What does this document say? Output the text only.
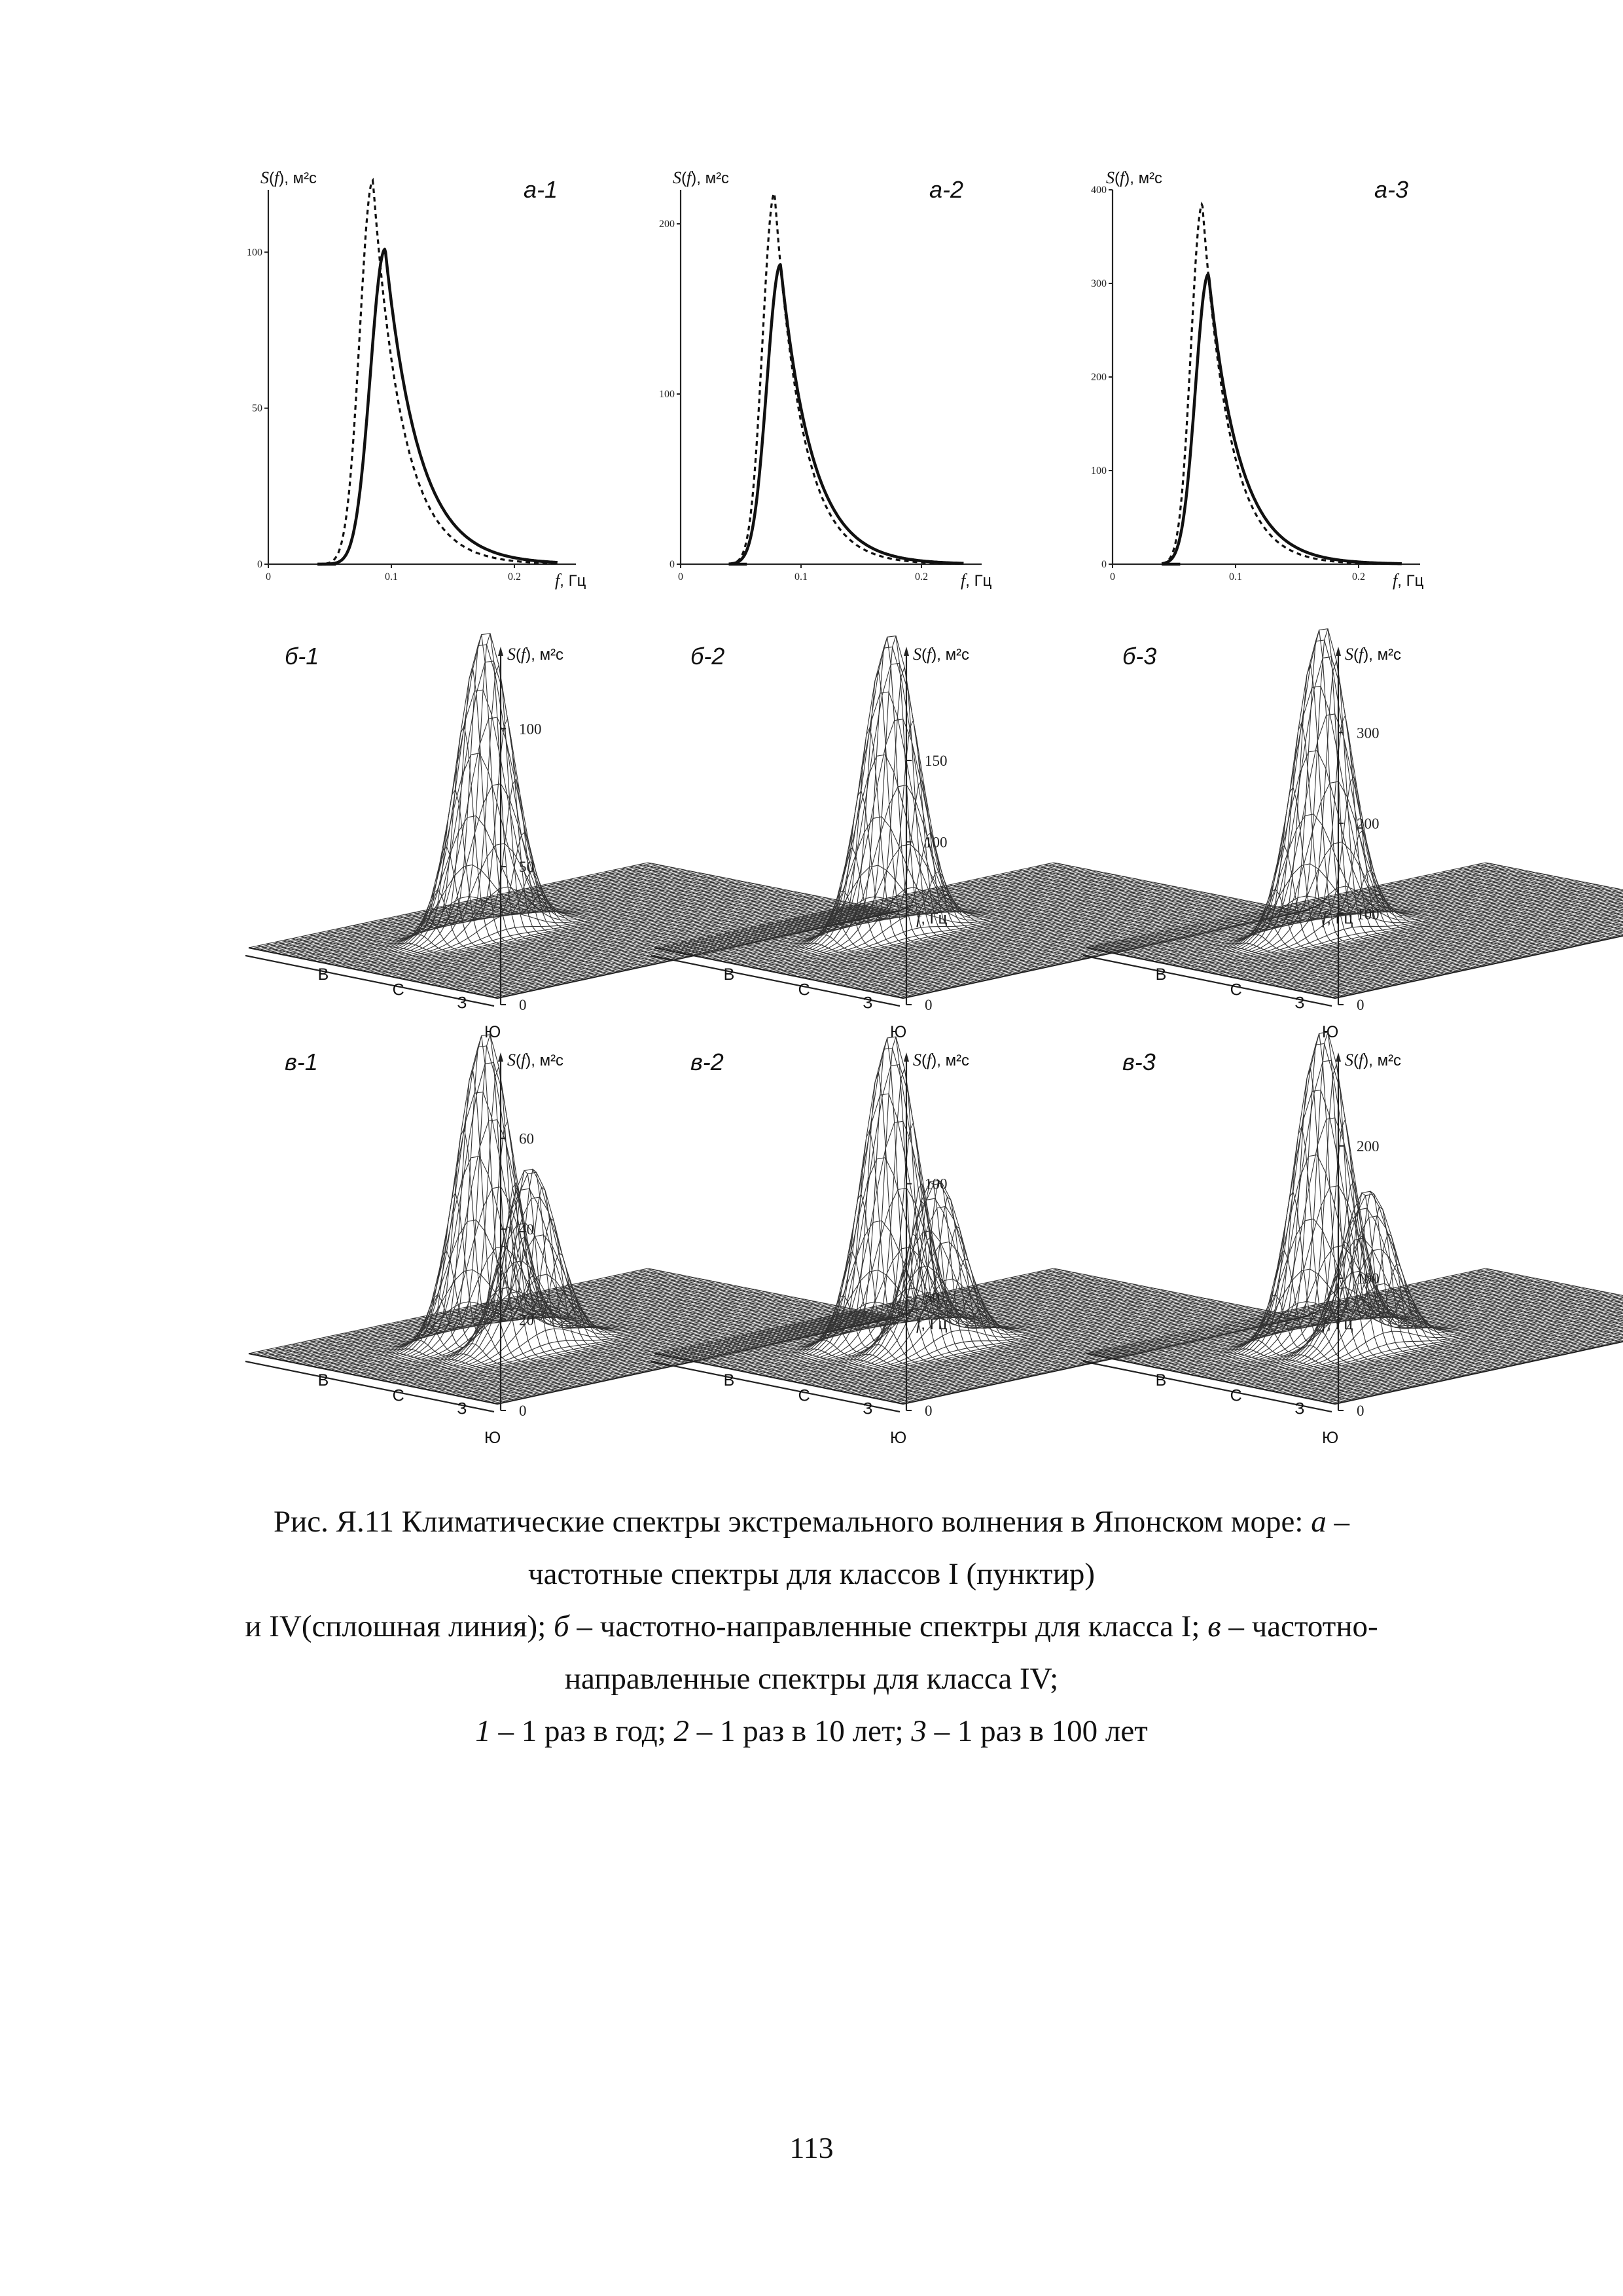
0
50
100
0	0.1	0.2
S(f), м²с
f, Гц
а-1
0
100
200
0	0.1	0.2
S(f), м²с
f, Гц
а-2
0
100
200
300
400
0	0.1	0.2
S(f), м²с
f, Гц
а-3
В
С
З
Ю
0
50
100
S(f), м²с
f, Гц
б-1
В
С
З
Ю
0
100
150
S(f), м²с
f, Гц
б-2
В
С
З
Ю
0
100
200
300
S(f), м²с
б-3
В
С
З
Ю
0
20
40
60
S(f), м²с
f, Гц
в-1
В
С
З
Ю
0
50
100
S(f), м²с
f, Гц
в-2
В
С
З
Ю
0
100
200
S(f), м²с
в-3
Рис. Я.11 Климатические спектры экстремального волнения в Японском море: а –
частотные спектры для классов I (пунктир)
и IV(сплошная линия); б – частотно-направленные спектры для класса I; в – частотно-
направленные спектры для класса IV;
1 – 1 раз в год; 2 – 1 раз в 10 лет; 3 – 1 раз в 100 лет
113
